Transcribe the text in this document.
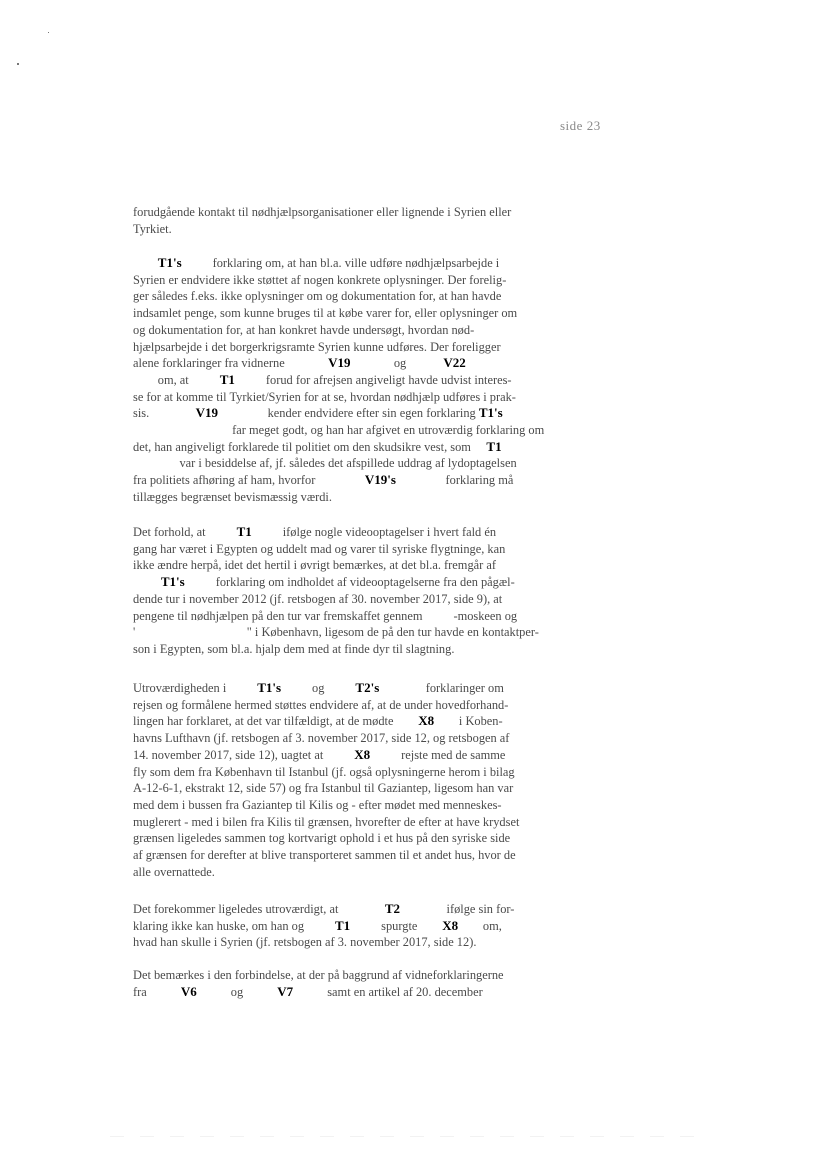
side 23
forudgående kontakt til nødhjælpsorganisationer eller lignende i Syrien eller
Tyrkiet.
T1's          forklaring om, at han bl.a. ville udføre nødhjælpsarbejde i
Syrien er endvidere ikke støttet af nogen konkrete oplysninger. Der forelig-
ger således f.eks. ikke oplysninger om og dokumentation for, at han havde
indsamlet penge, som kunne bruges til at købe varer for, eller oplysninger om
og dokumentation for, at han konkret havde undersøgt, hvordan nød-
hjælpsarbejde i det borgerkrigsramte Syrien kunne udføres. Der foreligger
alene forklaringer fra vidnerne              V19              og            V22
om, at          T1          forud for afrejsen angiveligt havde udvist interes-
se for at komme til Tyrkiet/Syrien for at se, hvordan nødhjælp udføres i prak-
sis.               V19                kender endvidere efter sin egen forklaring T1's
far meget godt, og han har afgivet en utroværdig forklaring om
det, han angiveligt forklarede til politiet om den skudsikre vest, som     T1
var i besiddelse af, jf. således det afspillede uddrag af lydoptagelsen
fra politiets afhøring af ham, hvorfor                V19's                forklaring må
tillægges begrænset bevismæssig værdi.
Det forhold, at          T1          ifølge nogle videooptagelser i hvert fald én
gang har været i Egypten og uddelt mad og varer til syriske flygtninge, kan
ikke ændre herpå, idet det hertil i øvrigt bemærkes, at det bl.a. fremgår af
T1's          forklaring om indholdet af videooptagelserne fra den pågæl-
dende tur i november 2012 (jf. retsbogen af 30. november 2017, side 9), at
pengene til nødhjælpen på den tur var fremskaffet gennem          -moskeen og
'                                    " i København, ligesom de på den tur havde en kontaktper-
son i Egypten, som bl.a. hjalp dem med at finde dyr til slagtning.
Utroværdigheden i          T1's          og          T2's               forklaringer om
rejsen og formålene hermed støttes endvidere af, at de under hovedforhand-
lingen har forklaret, at det var tilfældigt, at de mødte        X8        i Koben-
havns Lufthavn (jf. retsbogen af 3. november 2017, side 12, og retsbogen af
14. november 2017, side 12), uagtet at          X8          rejste med de samme
fly som dem fra København til Istanbul (jf. også oplysningerne herom i bilag
A-12-6-1, ekstrakt 12, side 57) og fra Istanbul til Gaziantep, ligesom han var
med dem i bussen fra Gaziantep til Kilis og - efter mødet med menneskes-
muglerert - med i bilen fra Kilis til grænsen, hvorefter de efter at have krydset
grænsen ligeledes sammen tog kortvarigt ophold i et hus på den syriske side
af grænsen for derefter at blive transporteret sammen til et andet hus, hvor de
alle overnattede.
Det forekommer ligeledes utroværdigt, at               T2               ifølge sin for-
klaring ikke kan huske, om han og          T1          spurgte        X8        om,
hvad han skulle i Syrien (jf. retsbogen af 3. november 2017, side 12).
Det bemærkes i den forbindelse, at der på baggrund af vidneforklaringerne
fra           V6           og           V7           samt en artikel af 20. december
